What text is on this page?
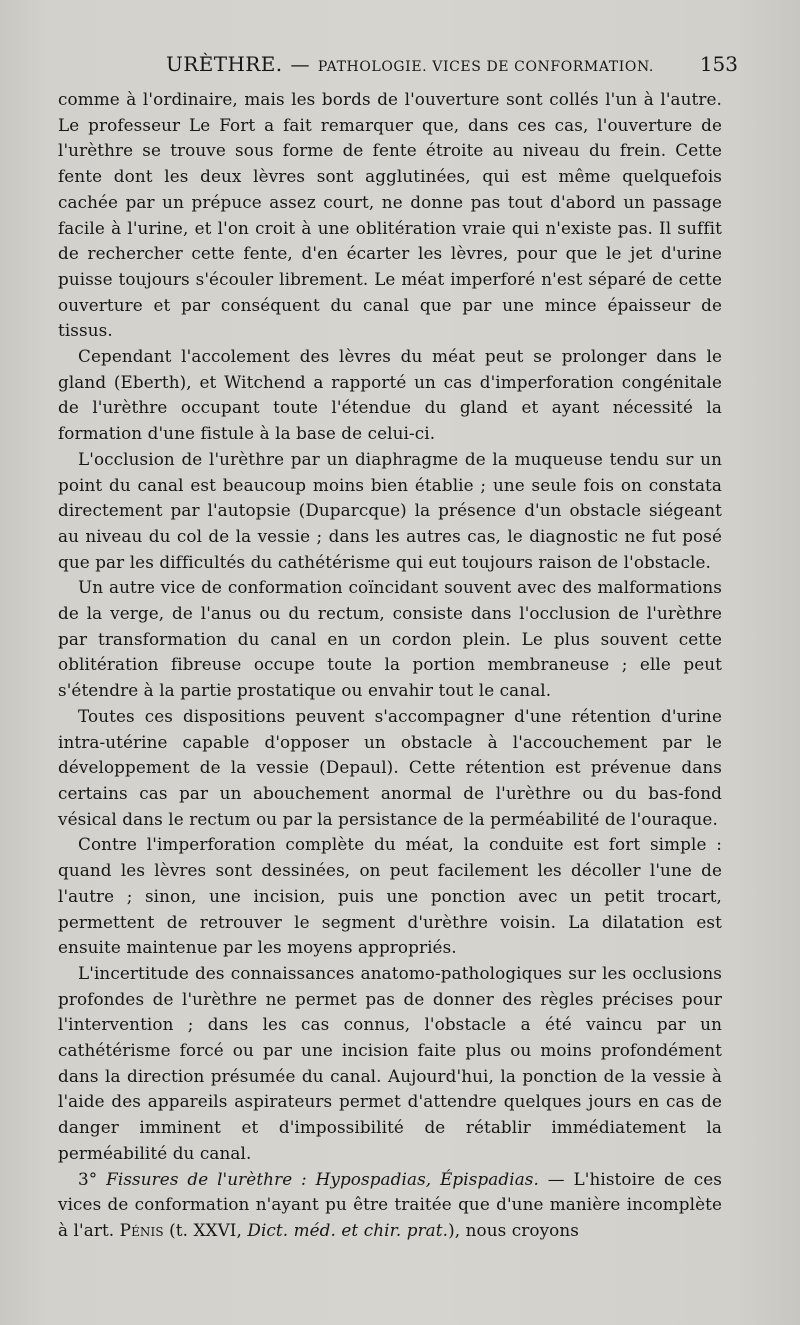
URÈTHRE. — PATHOLOGIE. VICES DE CONFORMATION. 153

comme à l'ordinaire, mais les bords de l'ouverture sont collés l'un à l'autre. Le professeur Le Fort a fait remarquer que, dans ces cas, l'ouverture de l'urèthre se trouve sous forme de fente étroite au niveau du frein. Cette fente dont les deux lèvres sont agglutinées, qui est même quelquefois cachée par un prépuce assez court, ne donne pas tout d'abord un passage facile à l'urine, et l'on croit à une oblitération vraie qui n'existe pas. Il suffit de rechercher cette fente, d'en écarter les lèvres, pour que le jet d'urine puisse toujours s'écouler librement. Le méat imperforé n'est séparé de cette ouverture et par conséquent du canal que par une mince épaisseur de tissus.

Cependant l'accolement des lèvres du méat peut se prolonger dans le gland (Eberth), et Witchend a rapporté un cas d'imperforation congénitale de l'urèthre occupant toute l'étendue du gland et ayant nécessité la formation d'une fistule à la base de celui-ci.

L'occlusion de l'urèthre par un diaphragme de la muqueuse tendu sur un point du canal est beaucoup moins bien établie ; une seule fois on constata directement par l'autopsie (Duparcque) la présence d'un obstacle siégeant au niveau du col de la vessie ; dans les autres cas, le diagnostic ne fut posé que par les difficultés du cathétérisme qui eut toujours raison de l'obstacle.

Un autre vice de conformation coïncidant souvent avec des malformations de la verge, de l'anus ou du rectum, consiste dans l'occlusion de l'urèthre par transformation du canal en un cordon plein. Le plus souvent cette oblitération fibreuse occupe toute la portion membraneuse ; elle peut s'étendre à la partie prostatique ou envahir tout le canal.

Toutes ces dispositions peuvent s'accompagner d'une rétention d'urine intra-utérine capable d'opposer un obstacle à l'accouchement par le développement de la vessie (Depaul). Cette rétention est prévenue dans certains cas par un abouchement anormal de l'urèthre ou du bas-fond vésical dans le rectum ou par la persistance de la perméabilité de l'ouraque.

Contre l'imperforation complète du méat, la conduite est fort simple : quand les lèvres sont dessinées, on peut facilement les décoller l'une de l'autre ; sinon, une incision, puis une ponction avec un petit trocart, permettent de retrouver le segment d'urèthre voisin. La dilatation est ensuite maintenue par les moyens appropriés.

L'incertitude des connaissances anatomo-pathologiques sur les occlusions profondes de l'urèthre ne permet pas de donner des règles précises pour l'intervention ; dans les cas connus, l'obstacle a été vaincu par un cathétérisme forcé ou par une incision faite plus ou moins profondément dans la direction présumée du canal. Aujourd'hui, la ponction de la vessie à l'aide des appareils aspirateurs permet d'attendre quelques jours en cas de danger imminent et d'impossibilité de rétablir immédiatement la perméabilité du canal.

3° Fissures de l'urèthre : Hypospadias, Épispadias. — L'histoire de ces vices de conformation n'ayant pu être traitée que d'une manière incomplète à l'art. Pénis (t. XXVI, Dict. méd. et chir. prat.), nous croyons
